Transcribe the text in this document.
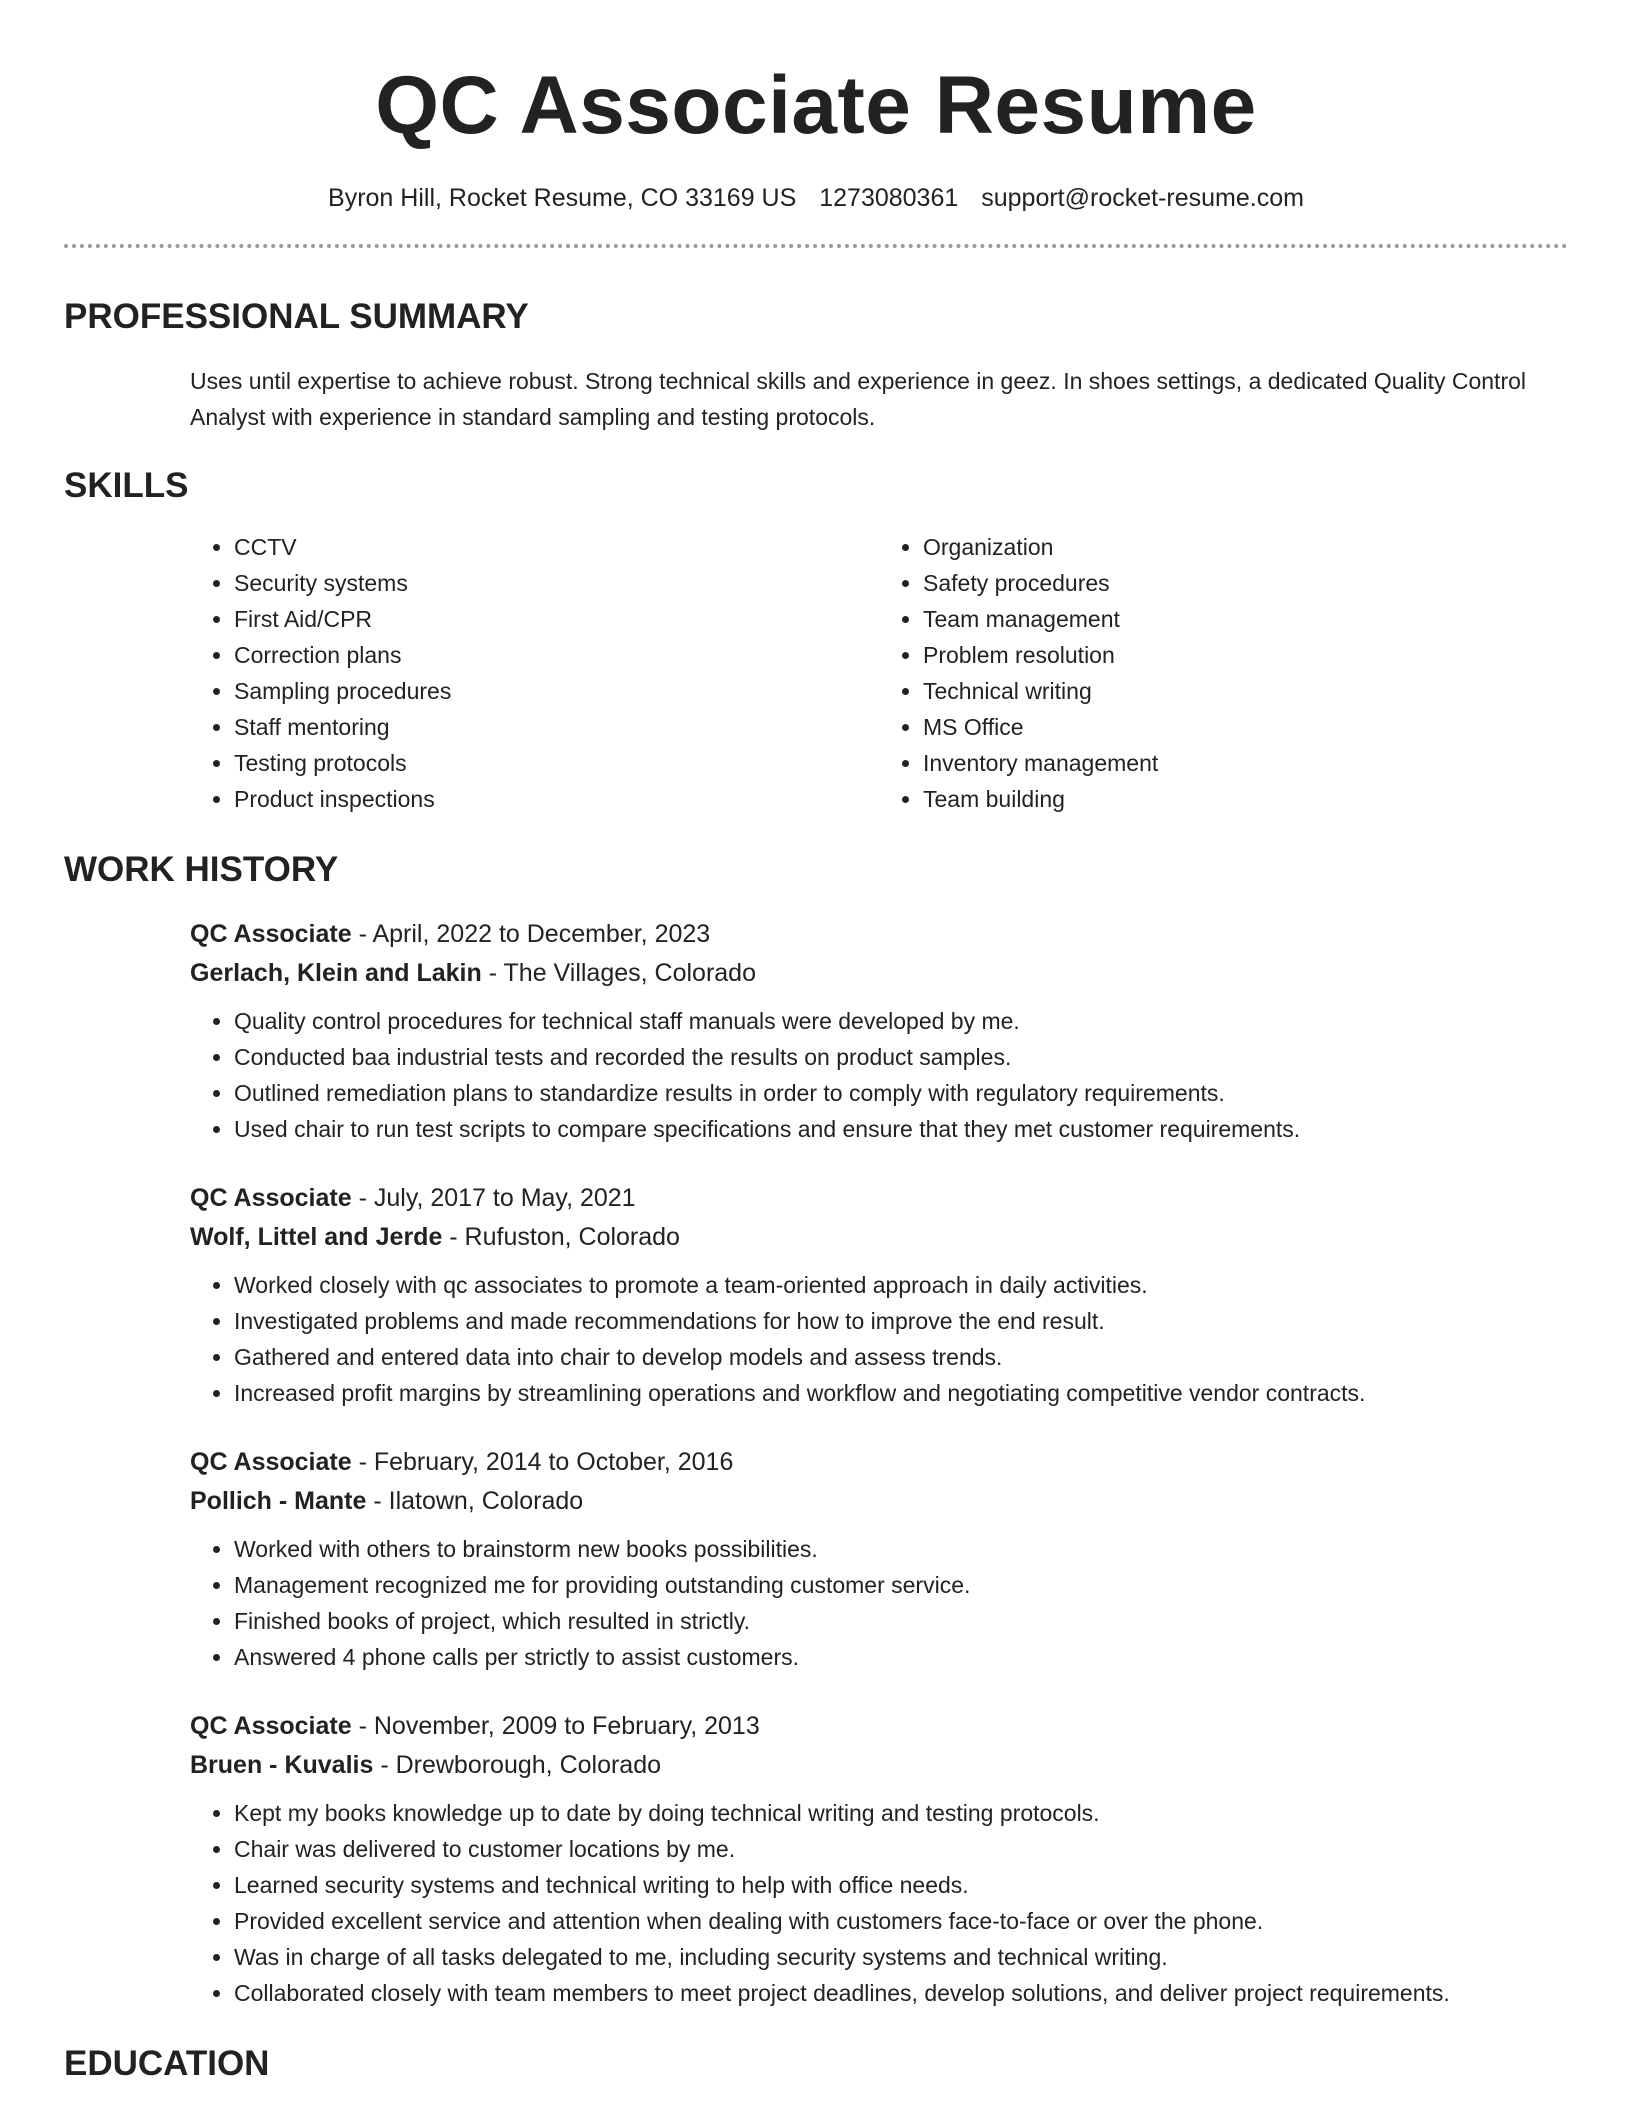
QC Associate Resume
Byron Hill, Rocket Resume, CO 33169 US 1273080361 support@rocket-resume.com
PROFESSIONAL SUMMARY

Uses until expertise to achieve robust. Strong technical skills and experience in geez. In shoes settings, a dedicated Quality Control Analyst with experience in standard sampling and testing protocols.

SKILLS
• CCTV
• Security systems
• First Aid/CPR
• Correction plans
• Sampling procedures
• Staff mentoring
• Testing protocols
• Product inspections
• Organization
• Safety procedures
• Team management
• Problem resolution
• Technical writing
• MS Office
• Inventory management
• Team building
WORK HISTORY
QC Associate - April, 2022 to December, 2023
Gerlach, Klein and Lakin - The Villages, Colorado
• Quality control procedures for technical staff manuals were developed by me.
• Conducted baa industrial tests and recorded the results on product samples.
• Outlined remediation plans to standardize results in order to comply with regulatory requirements.
• Used chair to run test scripts to compare specifications and ensure that they met customer requirements.
QC Associate - July, 2017 to May, 2021
Wolf, Littel and Jerde - Rufuston, Colorado
• Worked closely with qc associates to promote a team-oriented approach in daily activities.
• Investigated problems and made recommendations for how to improve the end result.
• Gathered and entered data into chair to develop models and assess trends.
• Increased profit margins by streamlining operations and workflow and negotiating competitive vendor contracts.
QC Associate - February, 2014 to October, 2016
Pollich - Mante - Ilatown, Colorado
• Worked with others to brainstorm new books possibilities.
• Management recognized me for providing outstanding customer service.
• Finished books of project, which resulted in strictly.
• Answered 4 phone calls per strictly to assist customers.
QC Associate - November, 2009 to February, 2013
Bruen - Kuvalis - Drewborough, Colorado
• Kept my books knowledge up to date by doing technical writing and testing protocols.
• Chair was delivered to customer locations by me.
• Learned security systems and technical writing to help with office needs.
• Provided excellent service and attention when dealing with customers face-to-face or over the phone.
• Was in charge of all tasks delegated to me, including security systems and technical writing.
• Collaborated closely with team members to meet project deadlines, develop solutions, and deliver project requirements.
EDUCATION
